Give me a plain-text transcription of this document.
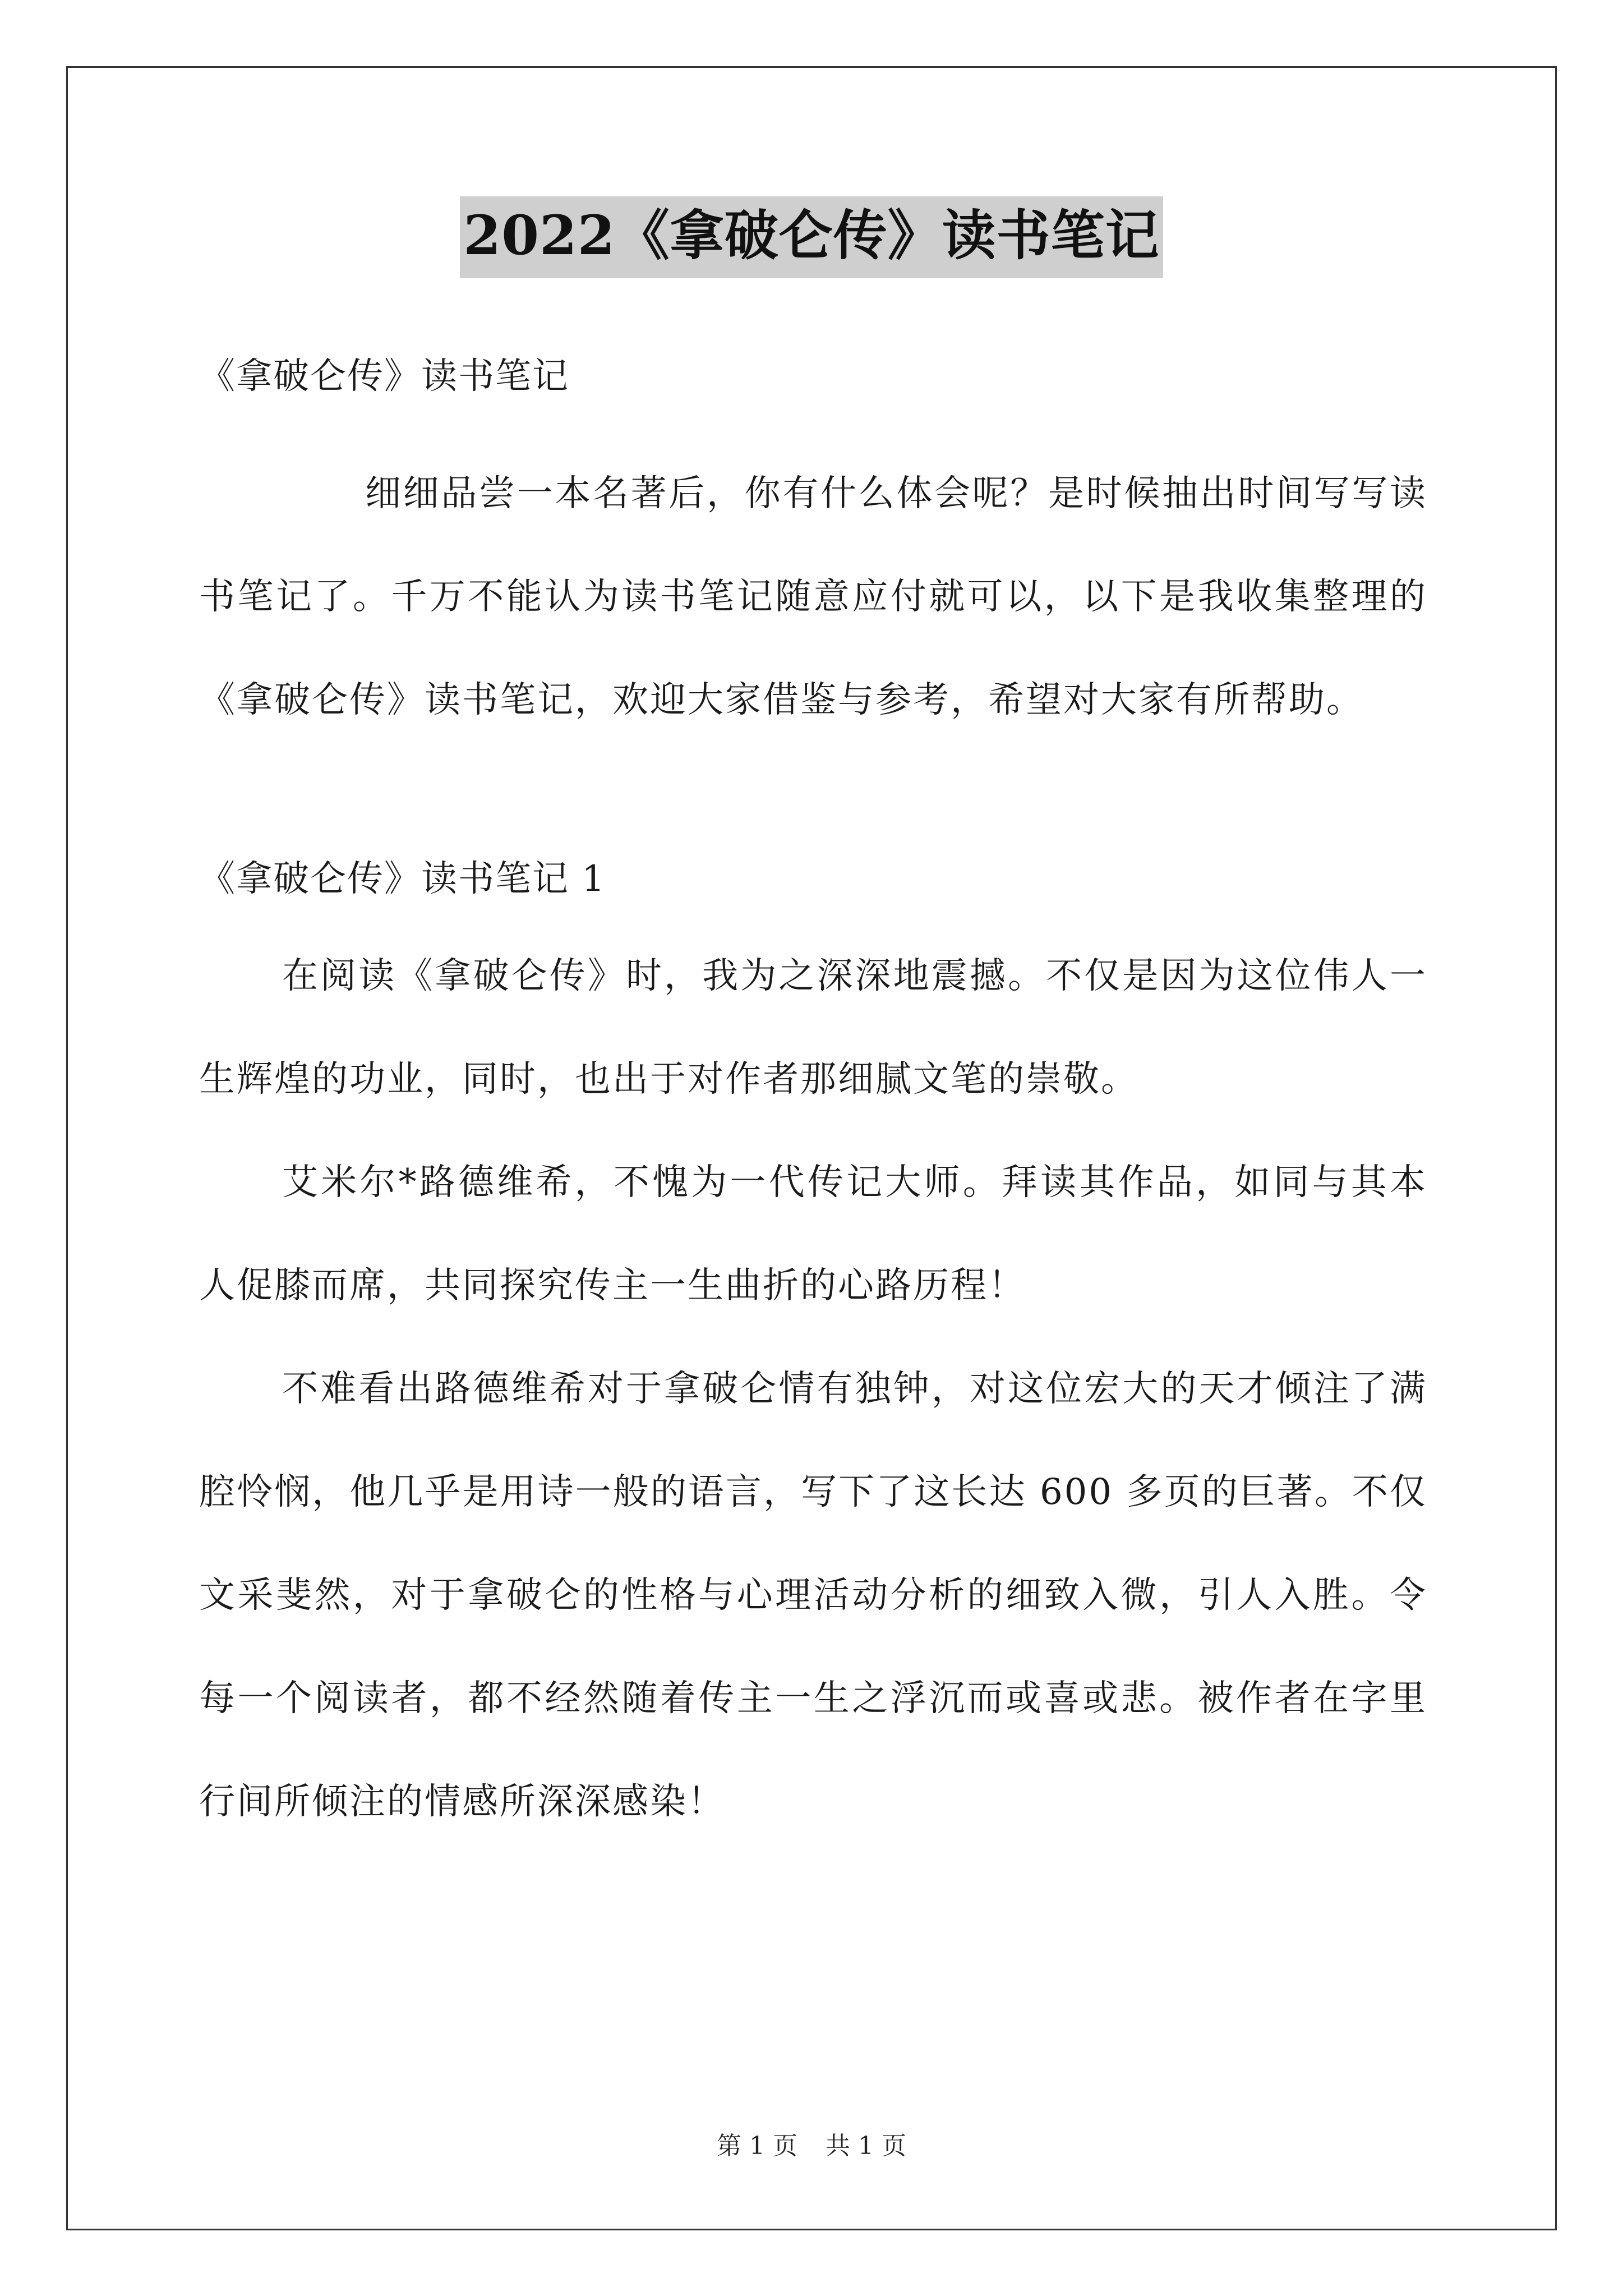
2022《拿破仑传》读书笔记

《拿破仑传》读书笔记

细细品尝一本名著后，你有什么体会呢？是时候抽出时间写写读书笔记了。千万不能认为读书笔记随意应付就可以，以下是我收集整理的《拿破仑传》读书笔记，欢迎大家借鉴与参考，希望对大家有所帮助。

《拿破仑传》读书笔记 1

在阅读《拿破仑传》时，我为之深深地震撼。不仅是因为这位伟人一生辉煌的功业，同时，也出于对作者那细腻文笔的崇敬。

艾米尔*路德维希，不愧为一代传记大师。拜读其作品，如同与其本人促膝而席，共同探究传主一生曲折的心路历程！

不难看出路德维希对于拿破仑情有独钟，对这位宏大的天才倾注了满腔怜悯，他几乎是用诗一般的语言，写下了这长达 600 多页的巨著。不仅文采斐然，对于拿破仑的性格与心理活动分析的细致入微，引人入胜。令每一个阅读者，都不经然随着传主一生之浮沉而或喜或悲。被作者在字里行间所倾注的情感所深深感染！

第 1 页 共 1 页
